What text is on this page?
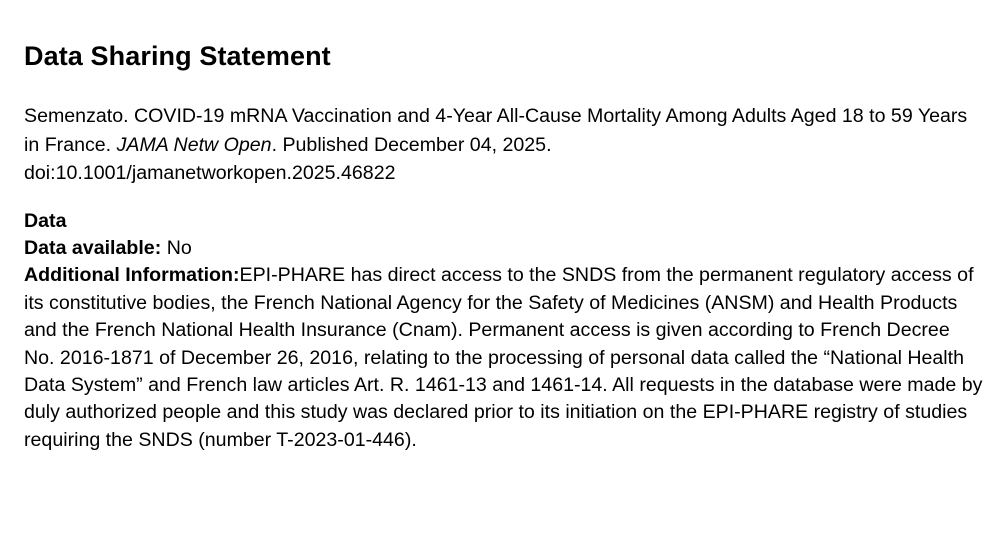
Data Sharing Statement
Semenzato. COVID-19 mRNA Vaccination and 4-Year All-Cause Mortality Among Adults Aged 18 to 59 Years in France. JAMA Netw Open. Published December 04, 2025.
doi:10.1001/jamanetworkopen.2025.46822
Data
Data available: No
Additional Information:EPI-PHARE has direct access to the SNDS from the permanent regulatory access of its constitutive bodies, the French National Agency for the Safety of Medicines (ANSM) and Health Products and the French National Health Insurance (Cnam). Permanent access is given according to French Decree No. 2016-1871 of December 26, 2016, relating to the processing of personal data called the “National Health Data System” and French law articles Art. R. 1461-13 and 1461-14. All requests in the database were made by duly authorized people and this study was declared prior to its initiation on the EPI-PHARE registry of studies requiring the SNDS (number T-2023-01-446).
